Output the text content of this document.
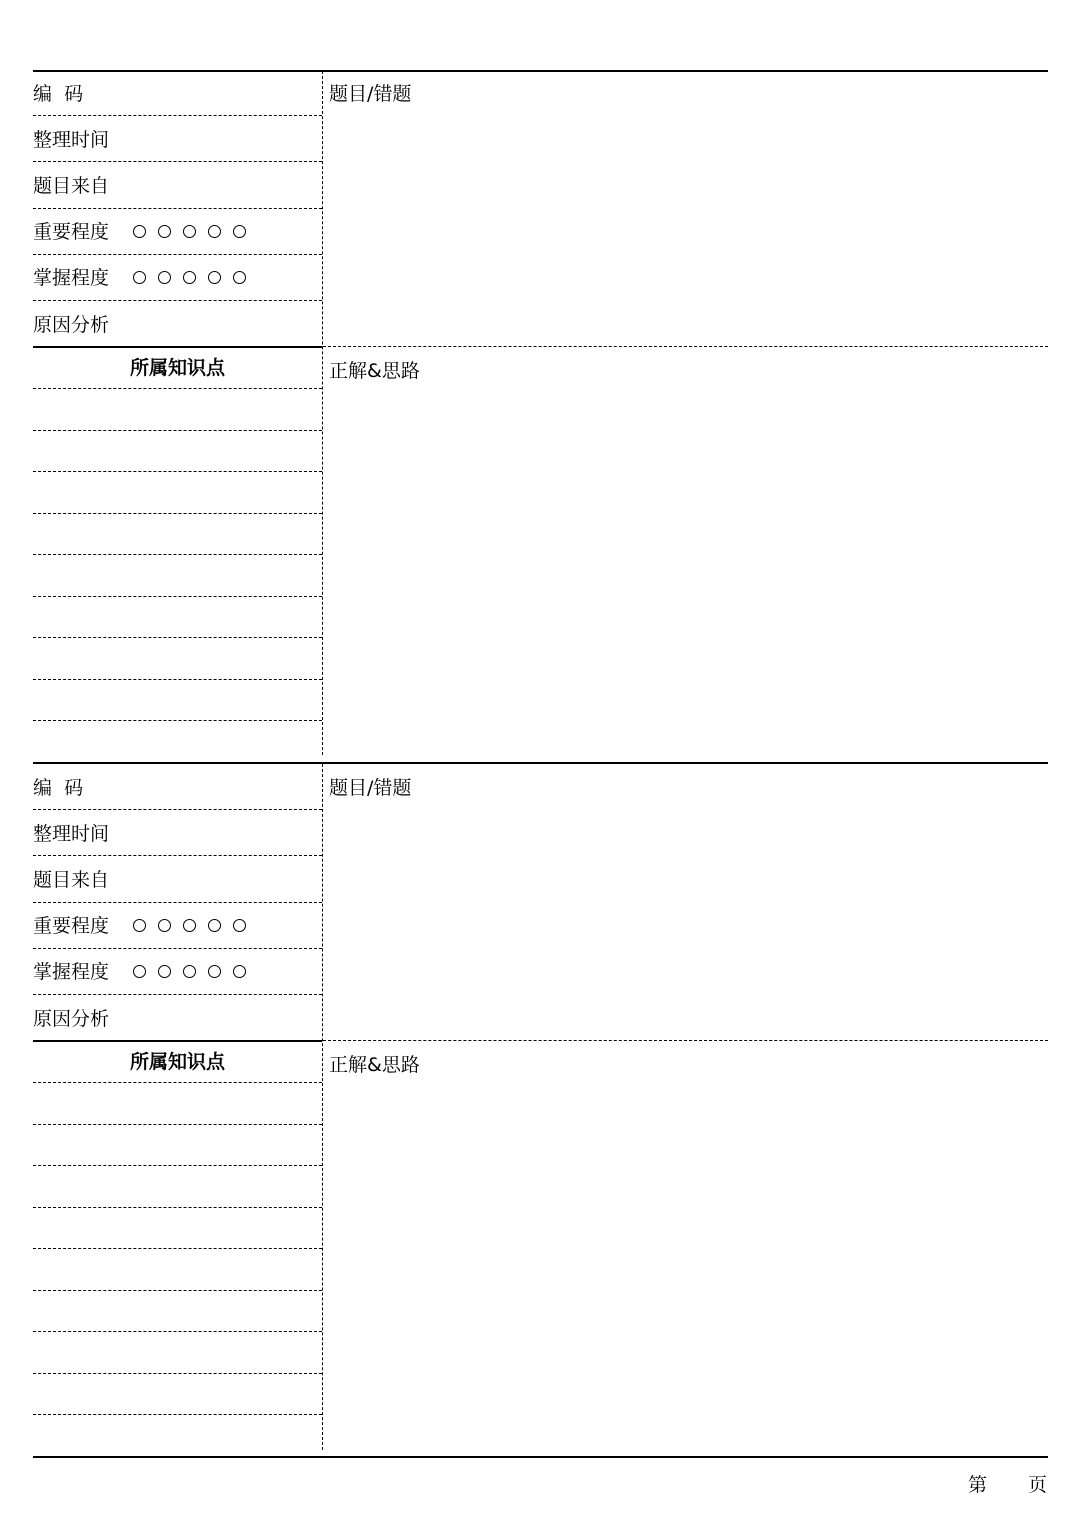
编  码
整理时间
题目来自
重要程度
掌握程度
原因分析
题目/错题
正解&思路
所属知识点
编  码
整理时间
题目来自
重要程度
掌握程度
原因分析
题目/错题
正解&思路
所属知识点
第 页
